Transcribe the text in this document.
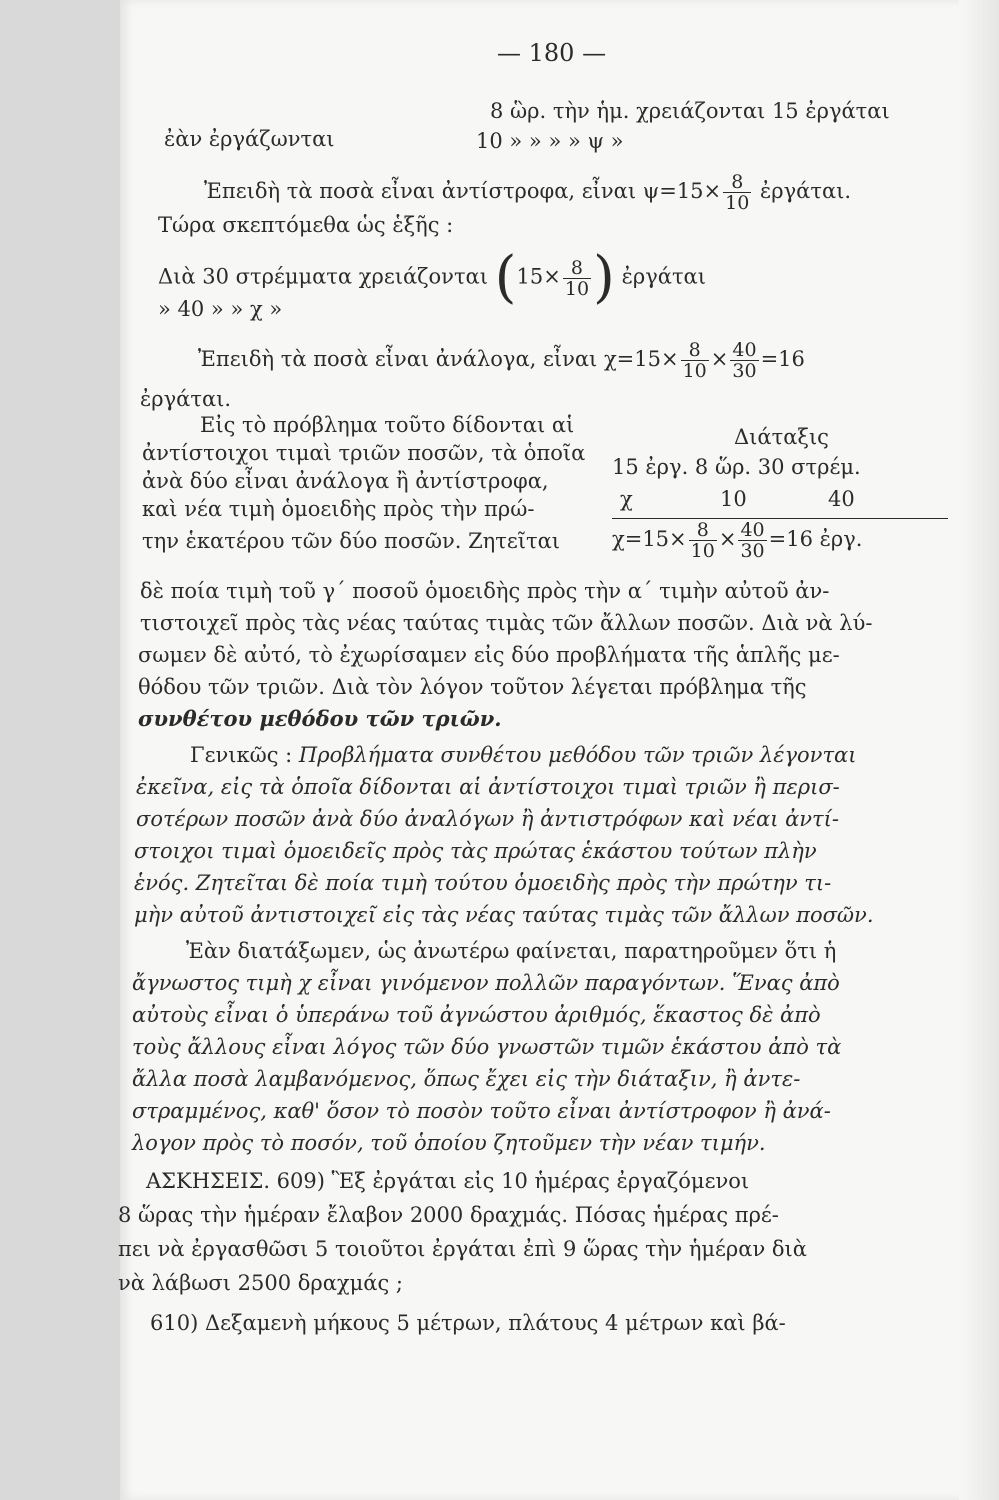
— 180 —
8 ὣρ. τὴν ἡμ. χρειάζονται 15 ἐργάται
ἐὰν ἐργάζωνται	10 » » » » ψ »
Ἐπειδὴ τὰ ποσὰ εἶναι ἀντίστροφα, εἶναι $\psi=15\times \frac{8}{10}$ ἐργάται.
Τώρα σκεπτόμεθα ὡς ἑξῆς :
Διὰ 30 στρέμματα χρειάζονται ($15\times \frac{8}{10}$ ) ἐργάται
» 40 » » χ »
Ἐπειδὴ τὰ ποσὰ εἶναι ἀνάλογα, εἶναι $\chi=15\times \frac{8}{10} \times \frac{40}{30} =16$
ἐργάται.
Εἰς τὸ πρόβλημα τοῦτο δίδονται αἱ
ἀντίστοιχοι τιμαὶ τριῶν ποσῶν, τὰ ὁποῖα
ἀνὰ δύο εἶναι ἀνάλογα ἢ ἀντίστροφα,
καὶ νέα τιμὴ ὁμοειδὴς πρὸς τὴν πρώ-
την ἑκατέρου τῶν δύο ποσῶν. Ζητεῖται
Διάταξις
15 ἐργ. 8 ὥρ. 30 στρέμ.
χ	10	40
$\chi=15\times \frac{8}{10} \times \frac{40}{30} =16$ ἐργ.
δὲ ποία τιμὴ τοῦ γ´ ποσοῦ ὁμοειδὴς πρὸς τὴν α´ τιμὴν αὐτοῦ ἀν-
τιστοιχεῖ πρὸς τὰς νέας ταύτας τιμὰς τῶν ἄλλων ποσῶν. Διὰ νὰ λύ-
σωμεν δὲ αὐτό, τὸ ἐχωρίσαμεν εἰς δύο προβλήματα τῆς ἁπλῆς με-
θόδου τῶν τριῶν. Διὰ τὸν λόγον τοῦτον λέγεται πρόβλημα τῆς
συνθέτου μεθόδου τῶν τριῶν.
Γενικῶς : Προβλήματα συνθέτου μεθόδου τῶν τριῶν λέγονται
ἐκεῖνα, εἰς τὰ ὁποῖα δίδονται αἱ ἀντίστοιχοι τιμαὶ τριῶν ἢ περισ-
σοτέρων ποσῶν ἀνὰ δύο ἀναλόγων ἢ ἀντιστρόφων καὶ νέαι ἀντί-
στοιχοι τιμαὶ ὁμοειδεῖς πρὸς τὰς πρώτας ἑκάστου τούτων πλὴν
ἑνός. Ζητεῖται δὲ ποία τιμὴ τούτου ὁμοειδὴς πρὸς τὴν πρώτην τι-
μὴν αὐτοῦ ἀντιστοιχεῖ εἰς τὰς νέας ταύτας τιμὰς τῶν ἄλλων ποσῶν.
Ἐὰν διατάξωμεν, ὡς ἀνωτέρω φαίνεται, παρατηροῦμεν ὅτι ἡ
ἄγνωστος τιμὴ χ εἶναι γινόμενον πολλῶν παραγόντων. Ἕνας ἀπὸ
αὐτοὺς εἶναι ὁ ὑπεράνω τοῦ ἀγνώστου ἀριθμός, ἕκαστος δὲ ἀπὸ
τοὺς ἄλλους εἶναι λόγος τῶν δύο γνωστῶν τιμῶν ἑκάστου ἀπὸ τὰ
ἄλλα ποσὰ λαμβανόμενος, ὅπως ἔχει εἰς τὴν διάταξιν, ἢ ἀντε-
στραμμένος, καθ' ὅσον τὸ ποσὸν τοῦτο εἶναι ἀντίστροφον ἢ ἀνά-
λογον πρὸς τὸ ποσόν, τοῦ ὁποίου ζητοῦμεν τὴν νέαν τιμήν.
ΑΣΚΗΣΕΙΣ. 609) Ἓξ ἐργάται εἰς 10 ἡμέρας ἐργαζόμενοι
8 ὥρας τὴν ἡμέραν ἔλαβον 2000 δραχμάς. Πόσας ἡμέρας πρέ-
πει νὰ ἐργασθῶσι 5 τοιοῦτοι ἐργάται ἐπὶ 9 ὥρας τὴν ἡμέραν διὰ
νὰ λάβωσι 2500 δραχμάς ;
610) Δεξαμενὴ μήκους 5 μέτρων, πλάτους 4 μέτρων καὶ βά-
